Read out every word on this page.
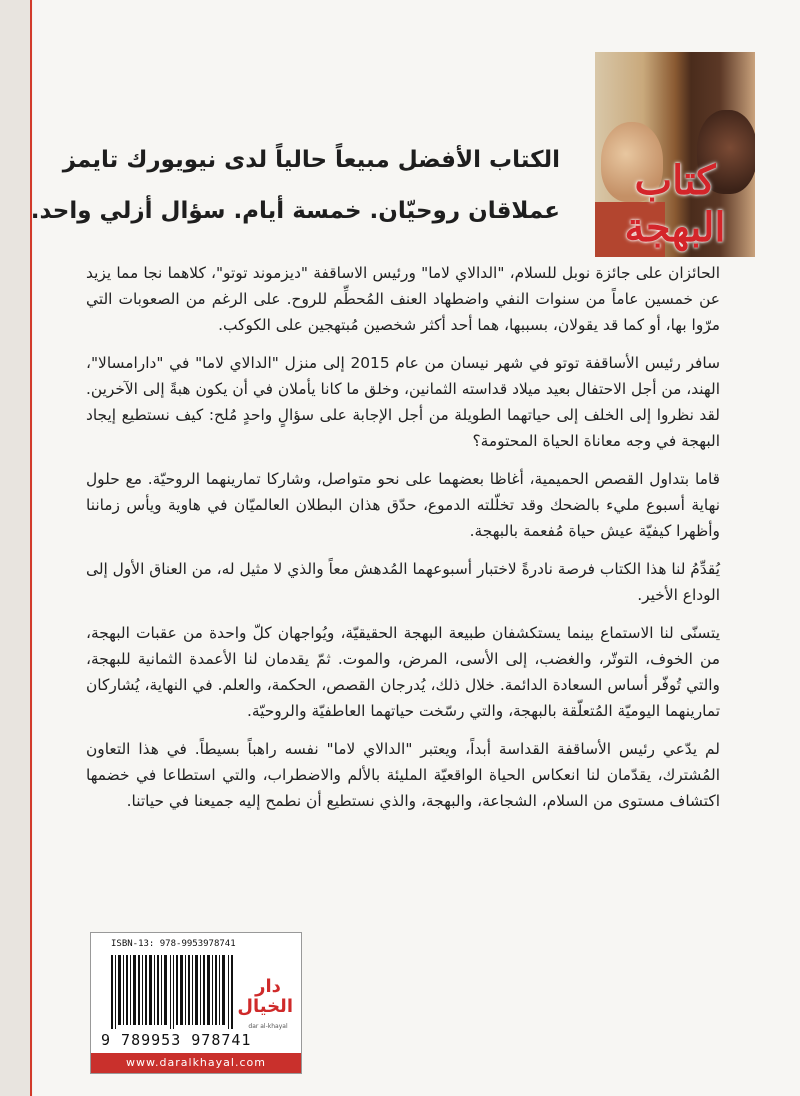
كتاب البهجة
الكتاب الأفضل مبيعاً حالياً لدى نيويورك تايمز
عملاقان روحيّان. خمسة أيام. سؤال أزلي واحد.

الحائزان على جائزة نوبل للسلام، "الدالاي لاما" ورئيس الاساقفة "ديزموند توتو"، كلاهما نجا مما يزيد عن خمسين عاماً من سنوات النفي واضطهاد العنف المُحطِّم للروح. على الرغم من الصعوبات التي مرّوا بها، أو كما قد يقولان، بسببها، هما أحد أكثر شخصين مُبتهجين على الكوكب.

سافر رئيس الأساقفة توتو في شهر نيسان من عام 2015 إلى منزل "الدالاي لاما" في "دارامسالا"، الهند، من أجل الاحتفال بعيد ميلاد قداسته الثمانين، وخلق ما كانا يأملان في أن يكون هبةً إلى الآخرين. لقد نظروا إلى الخلف إلى حياتهما الطويلة من أجل الإجابة على سؤالٍ واحدٍ مُلح: كيف نستطيع إيجاد البهجة في وجه معاناة الحياة المحتومة؟

قاما بتداول القصص الحميمية، أغاظا بعضهما على نحو متواصل، وشاركا تمارينهما الروحيّة. مع حلول نهاية أسبوع مليء بالضحك وقد تخلّلته الدموع، حدّق هذان البطلان العالميّان في هاوية ويأس زماننا وأظهرا كيفيّة عيش حياة مُفعمة بالبهجة.

يُقدِّمُ لنا هذا الكتاب فرصة نادرةً لاختبار أسبوعهما المُدهش معاً والذي لا مثيل له، من العناق الأول إلى الوداع الأخير.

يتسنّى لنا الاستماع بينما يستكشفان طبيعة البهجة الحقيقيّة، ويُواجهان كلّ واحدة من عقبات البهجة، من الخوف، التوتّر، والغضب، إلى الأسى، المرض، والموت. ثمّ يقدمان لنا الأعمدة الثمانية للبهجة، والتي تُوفّر أساس السعادة الدائمة. خلال ذلك، يُدرجان القصص، الحكمة، والعلم. في النهاية، يُشاركان تمارينهما اليوميّة المُتعلّقة بالبهجة، والتي رسّخت حياتهما العاطفيّة والروحيّة.

لم يدّعي رئيس الأساقفة القداسة أبداً، ويعتبر "الدالاي لاما" نفسه راهباً بسيطاً. في هذا التعاون المُشترك، يقدّمان لنا انعكاس الحياة الواقعيّة المليئة بالألم والاضطراب، والتي استطاعا في خضمها اكتشاف مستوى من السلام، الشجاعة، والبهجة، والذي نستطيع أن نطمح إليه جميعنا في حياتنا.

ISBN-13: 978-9953978741
9 789953 978741
دار الخيال
dar al-khayal
www.daralkhayal.com
